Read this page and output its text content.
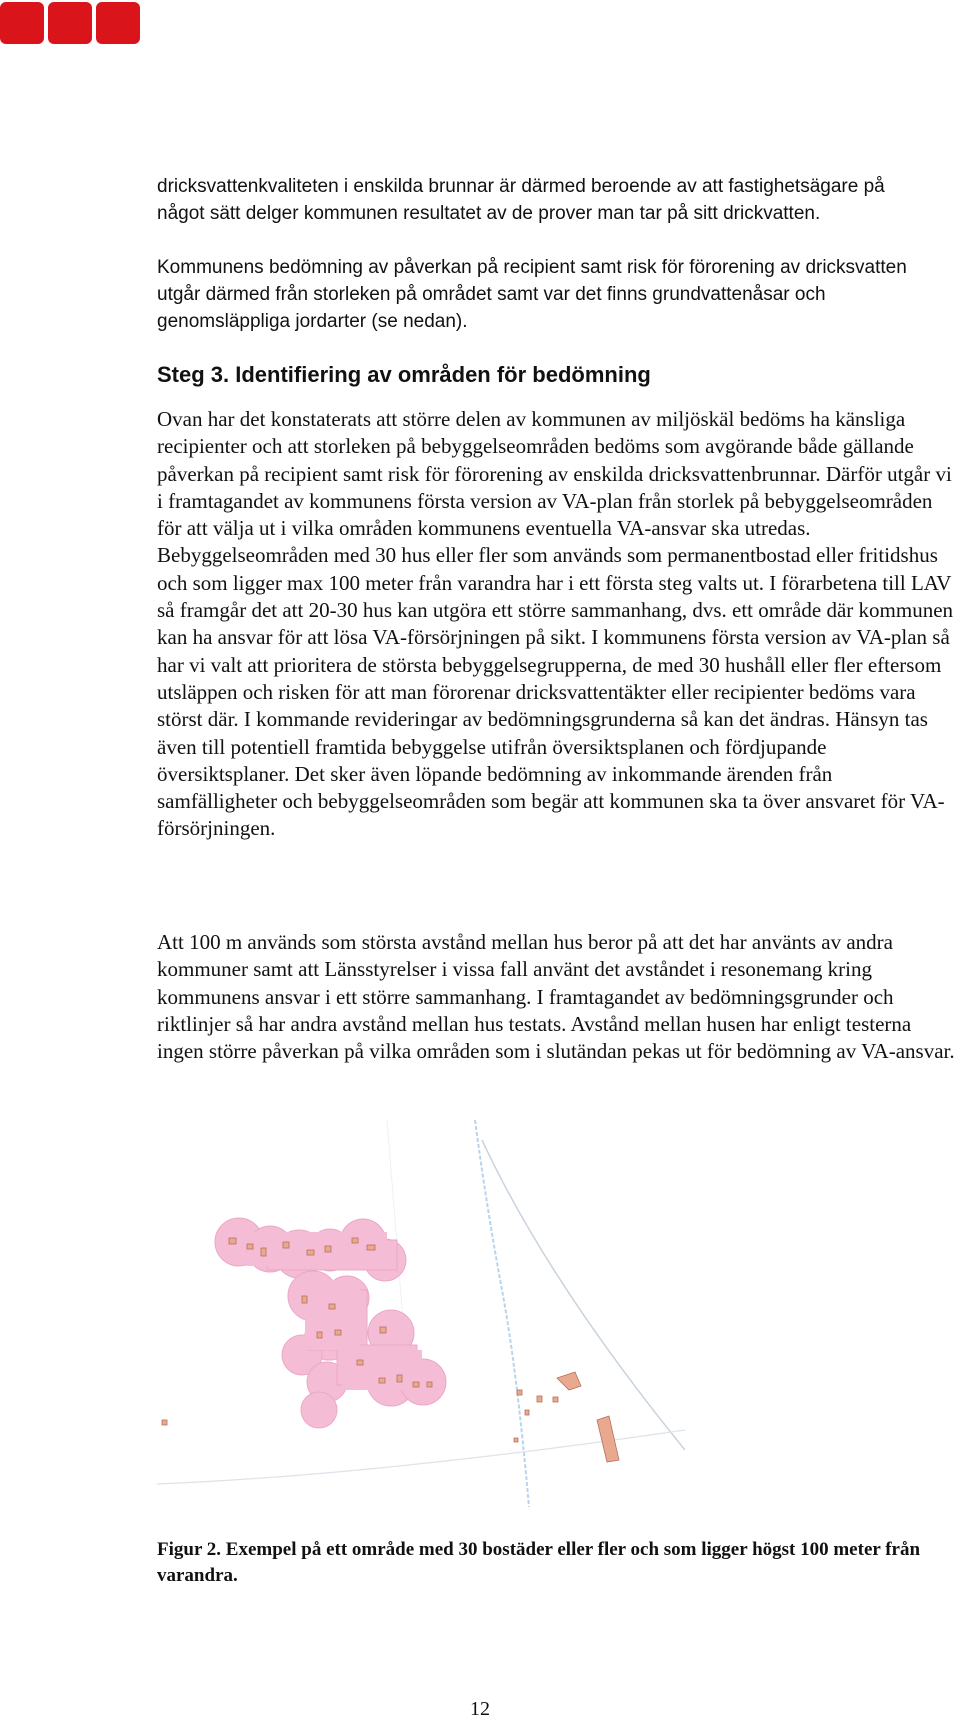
dricksvattenkvaliteten i enskilda brunnar är därmed beroende av att fastighetsägare på något sätt delger kommunen resultatet av de prover man tar på sitt drickvatten.

Kommunens bedömning av påverkan på recipient samt risk för förorening av dricksvatten utgår därmed från storleken på området samt var det finns grundvattenåsar och genomsläppliga jordarter (se nedan).

Steg 3. Identifiering av områden för bedömning

Ovan har det konstaterats att större delen av kommunen av miljöskäl bedöms ha känsliga recipienter och att storleken på bebyggelseområden bedöms som avgörande både gällande påverkan på recipient samt risk för förorening av enskilda dricksvattenbrunnar. Därför utgår vi i framtagandet av kommunens första version av VA-plan från storlek på bebyggelseområden för att välja ut i vilka områden kommunens eventuella VA-ansvar ska utredas. Bebyggelseområden med 30 hus eller fler som används som permanentbostad eller fritidshus och som ligger max 100 meter från varandra har i ett första steg valts ut. I förarbetena till LAV så framgår det att 20-30 hus kan utgöra ett större sammanhang, dvs. ett område där kommunen kan ha ansvar för att lösa VA-försörjningen på sikt. I kommunens första version av VA-plan så har vi valt att prioritera de största bebyggelsegrupperna, de med 30 hushåll eller fler eftersom utsläppen och risken för att man förorenar dricksvattentäkter eller recipienter bedöms vara störst där. I kommande revideringar av bedömningsgrunderna så kan det ändras. Hänsyn tas även till potentiell framtida bebyggelse utifrån översiktsplanen och fördjupande översiktsplaner. Det sker även löpande bedömning av inkommande ärenden från samfälligheter och bebyggelseområden som begär att kommunen ska ta över ansvaret för VA-försörjningen.

Att 100 m används som största avstånd mellan hus beror på att det har använts av andra kommuner samt att Länsstyrelser i vissa fall använt det avståndet i resonemang kring kommunens ansvar i ett större sammanhang. I framtagandet av bedömningsgrunder och riktlinjer så har andra avstånd mellan hus testats. Avstånd mellan husen har enligt testerna ingen större påverkan på vilka områden som i slutändan pekas ut för bedömning av VA-ansvar.

Figur 2. Exempel på ett område med 30 bostäder eller fler och som ligger högst 100 meter från varandra.

12
